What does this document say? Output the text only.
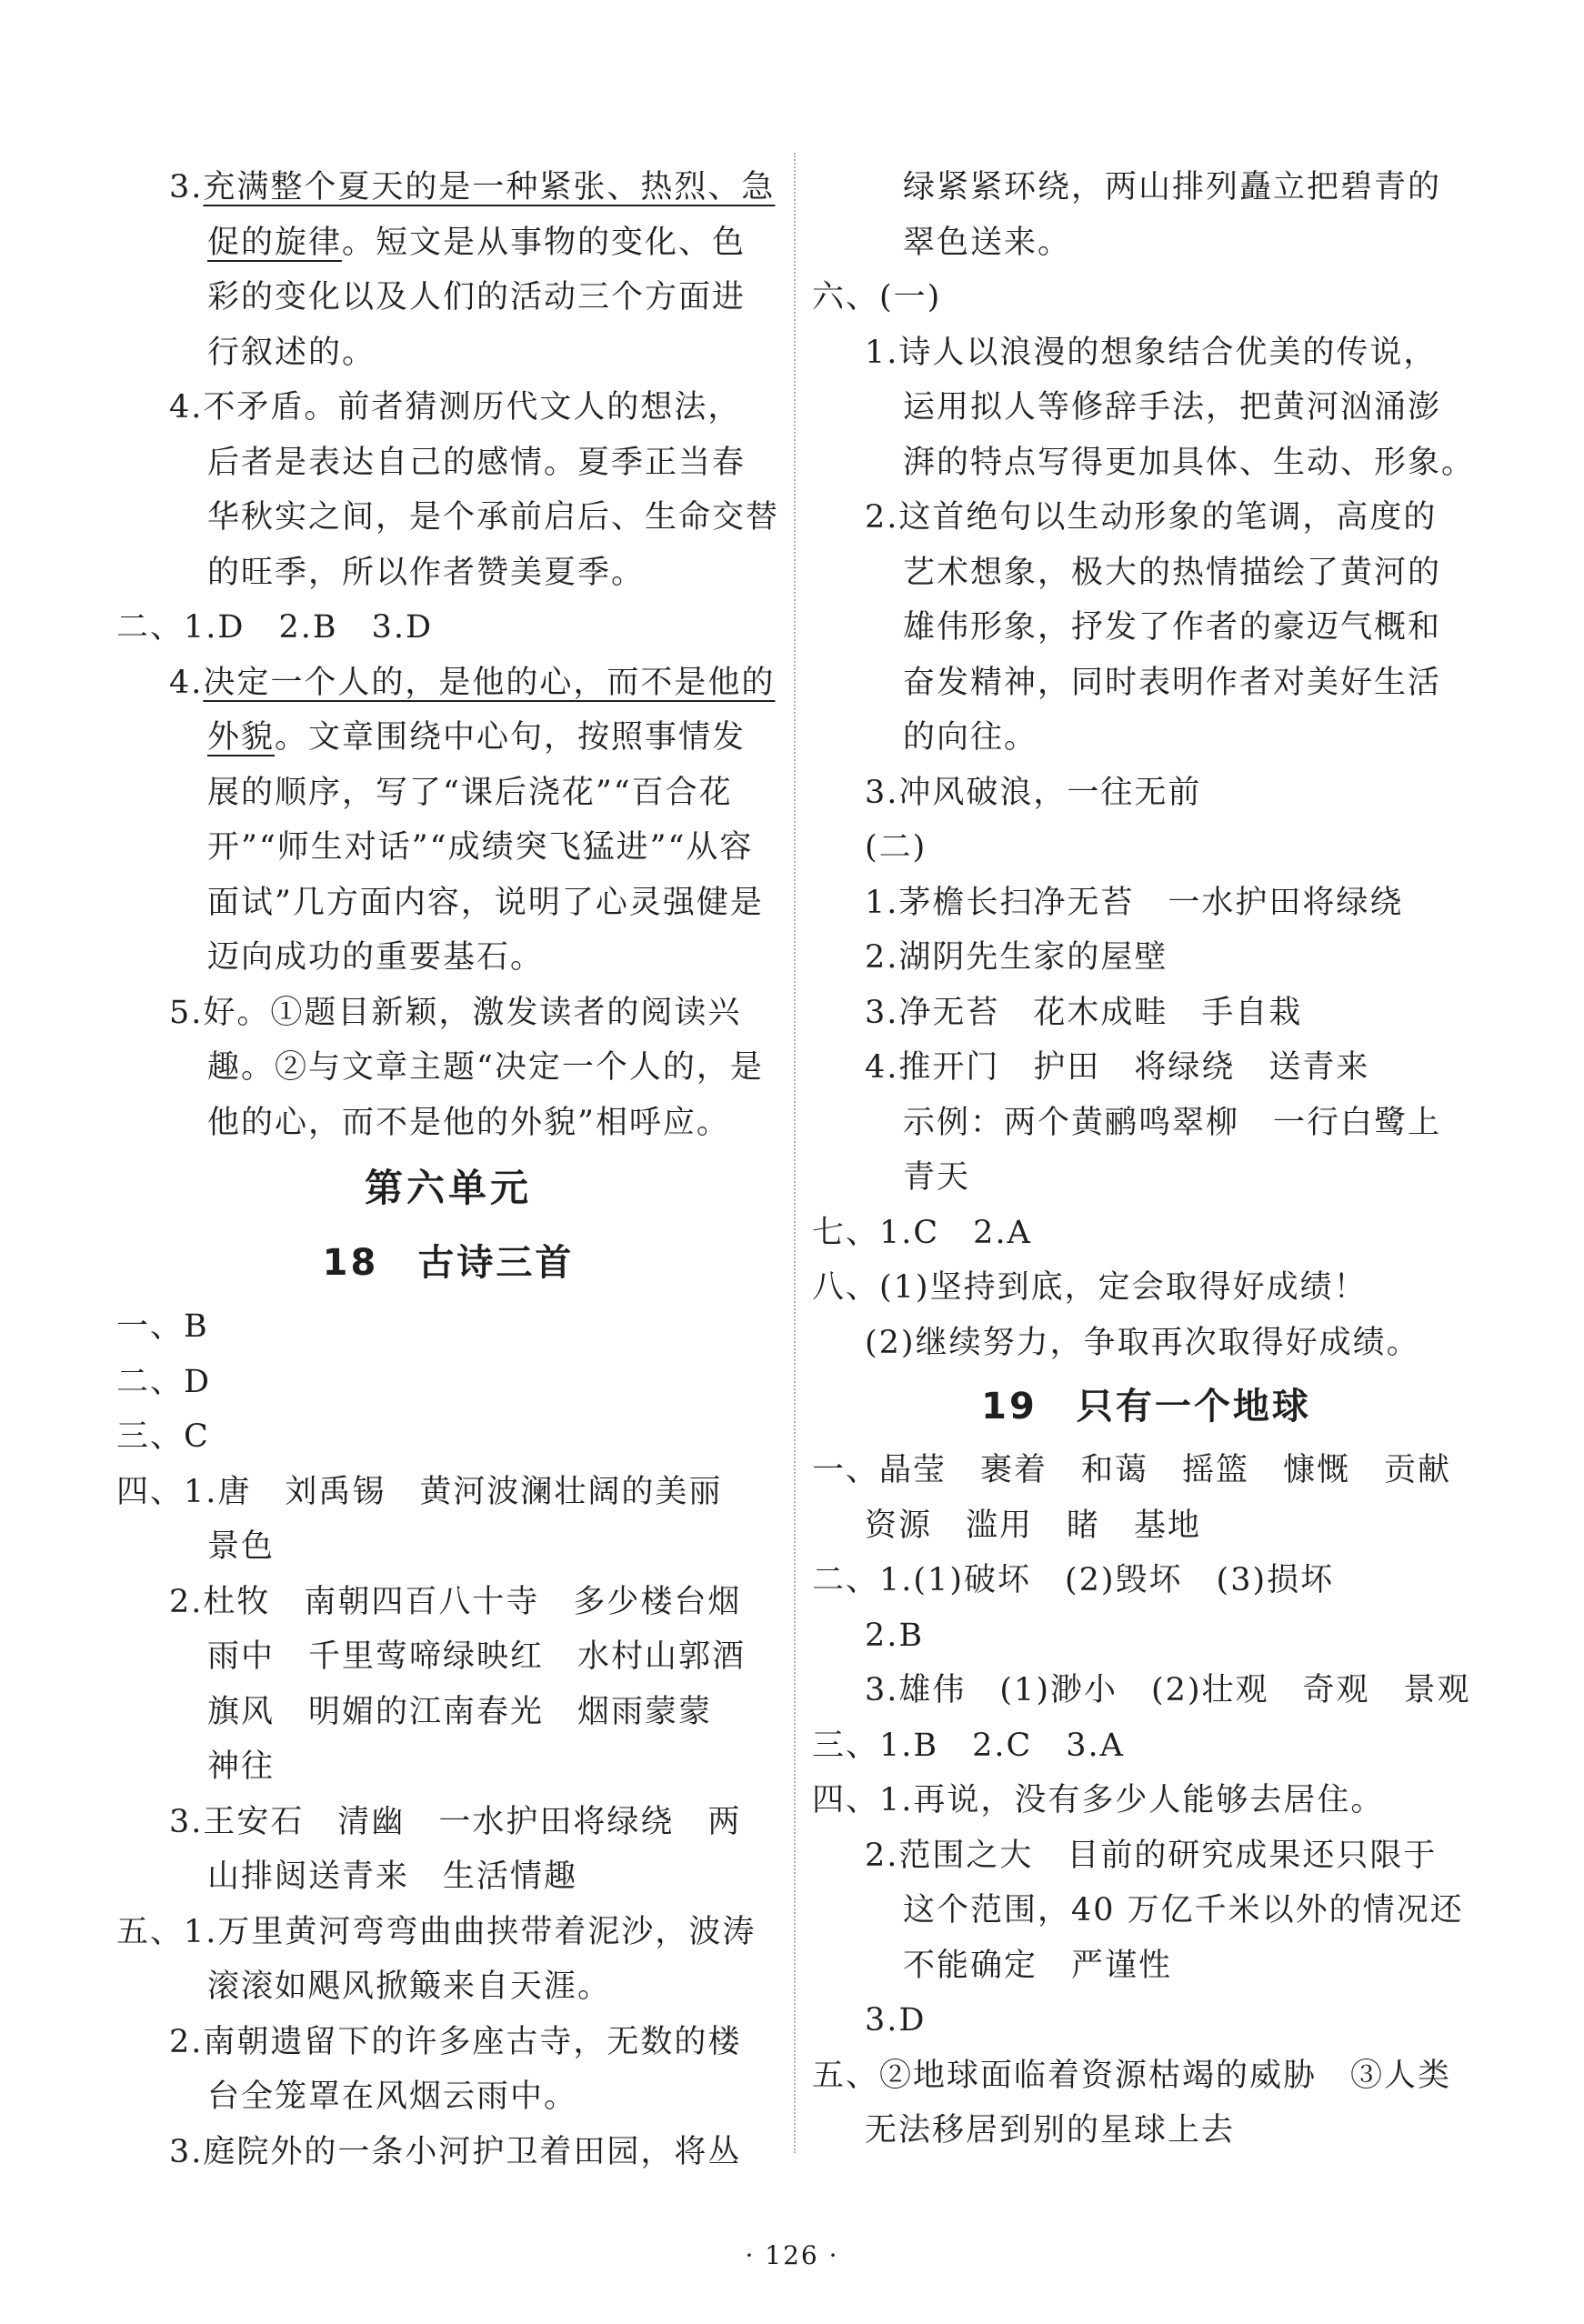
3.充满整个夏天的是一种紧张、热烈、急
促的旋律。短文是从事物的变化、色
彩的变化以及人们的活动三个方面进
行叙述的。
4.不矛盾。前者猜测历代文人的想法，
后者是表达自己的感情。夏季正当春
华秋实之间，是个承前启后、生命交替
的旺季，所以作者赞美夏季。
二、1.D　2.B　3.D
4.决定一个人的，是他的心，而不是他的
外貌。文章围绕中心句，按照事情发
展的顺序，写了“课后浇花”“百合花
开”“师生对话”“成绩突飞猛进”“从容
面试”几方面内容，说明了心灵强健是
迈向成功的重要基石。
5.好。①题目新颖，激发读者的阅读兴
趣。②与文章主题“决定一个人的，是
他的心，而不是他的外貌”相呼应。
第六单元
18　古诗三首
一、B
二、D
三、C
四、1.唐　刘禹锡　黄河波澜壮阔的美丽
景色
2.杜牧　南朝四百八十寺　多少楼台烟
雨中　千里莺啼绿映红　水村山郭酒
旗风　明媚的江南春光　烟雨蒙蒙
神往
3.王安石　清幽　一水护田将绿绕　两
山排闼送青来　生活情趣
五、1.万里黄河弯弯曲曲挟带着泥沙，波涛
滚滚如飓风掀簸来自天涯。
2.南朝遗留下的许多座古寺，无数的楼
台全笼罩在风烟云雨中。
3.庭院外的一条小河护卫着田园，将丛
绿紧紧环绕，两山排列矗立把碧青的
翠色送来。
六、(一)
1.诗人以浪漫的想象结合优美的传说，
运用拟人等修辞手法，把黄河汹涌澎
湃的特点写得更加具体、生动、形象。
2.这首绝句以生动形象的笔调，高度的
艺术想象，极大的热情描绘了黄河的
雄伟形象，抒发了作者的豪迈气概和
奋发精神，同时表明作者对美好生活
的向往。
3.冲风破浪，一往无前
(二)
1.茅檐长扫净无苔　一水护田将绿绕
2.湖阴先生家的屋壁
3.净无苔　花木成畦　手自栽
4.推开门　护田　将绿绕　送青来
示例：两个黄鹂鸣翠柳　一行白鹭上
青天
七、1.C　2.A
八、(1)坚持到底，定会取得好成绩！
(2)继续努力，争取再次取得好成绩。
19　只有一个地球
一、晶莹　裹着　和蔼　摇篮　慷慨　贡献
资源　滥用　睹　基地
二、1.(1)破坏　(2)毁坏　(3)损坏
2.B
3.雄伟　(1)渺小　(2)壮观　奇观　景观
三、1.B　2.C　3.A
四、1.再说，没有多少人能够去居住。
2.范围之大　目前的研究成果还只限于
这个范围，40 万亿千米以外的情况还
不能确定　严谨性
3.D
五、②地球面临着资源枯竭的威胁　③人类
无法移居到别的星球上去
· 126 ·
